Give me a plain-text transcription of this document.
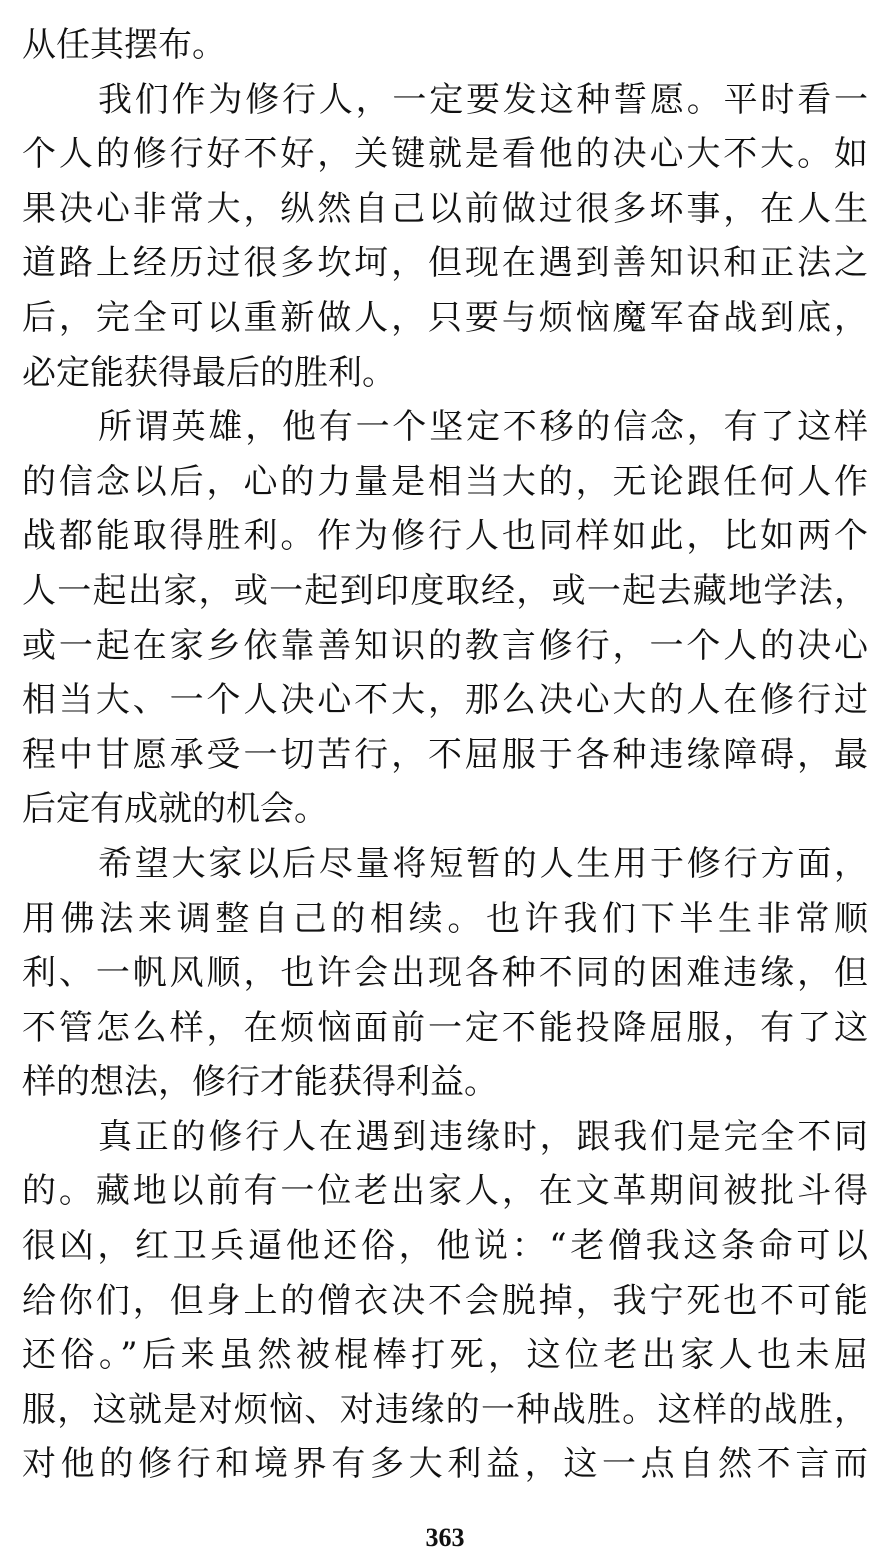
从任其摆布。
我们作为修行人，一定要发这种誓愿。平时看一
个人的修行好不好，关键就是看他的决心大不大。如
果决心非常大，纵然自己以前做过很多坏事，在人生
道路上经历过很多坎坷，但现在遇到善知识和正法之
后，完全可以重新做人，只要与烦恼魔军奋战到底，
必定能获得最后的胜利。
所谓英雄，他有一个坚定不移的信念，有了这样
的信念以后，心的力量是相当大的，无论跟任何人作
战都能取得胜利。作为修行人也同样如此，比如两个
人一起出家，或一起到印度取经，或一起去藏地学法，
或一起在家乡依靠善知识的教言修行，一个人的决心
相当大、一个人决心不大，那么决心大的人在修行过
程中甘愿承受一切苦行，不屈服于各种违缘障碍，最
后定有成就的机会。
希望大家以后尽量将短暂的人生用于修行方面，
用佛法来调整自己的相续。也许我们下半生非常顺
利、一帆风顺，也许会出现各种不同的困难违缘，但
不管怎么样，在烦恼面前一定不能投降屈服，有了这
样的想法，修行才能获得利益。
真正的修行人在遇到违缘时，跟我们是完全不同
的。藏地以前有一位老出家人，在文革期间被批斗得
很凶，红卫兵逼他还俗，他说：“老僧我这条命可以
给你们，但身上的僧衣决不会脱掉，我宁死也不可能
还俗。”后来虽然被棍棒打死，这位老出家人也未屈
服，这就是对烦恼、对违缘的一种战胜。这样的战胜，
对他的修行和境界有多大利益，这一点自然不言而
363
